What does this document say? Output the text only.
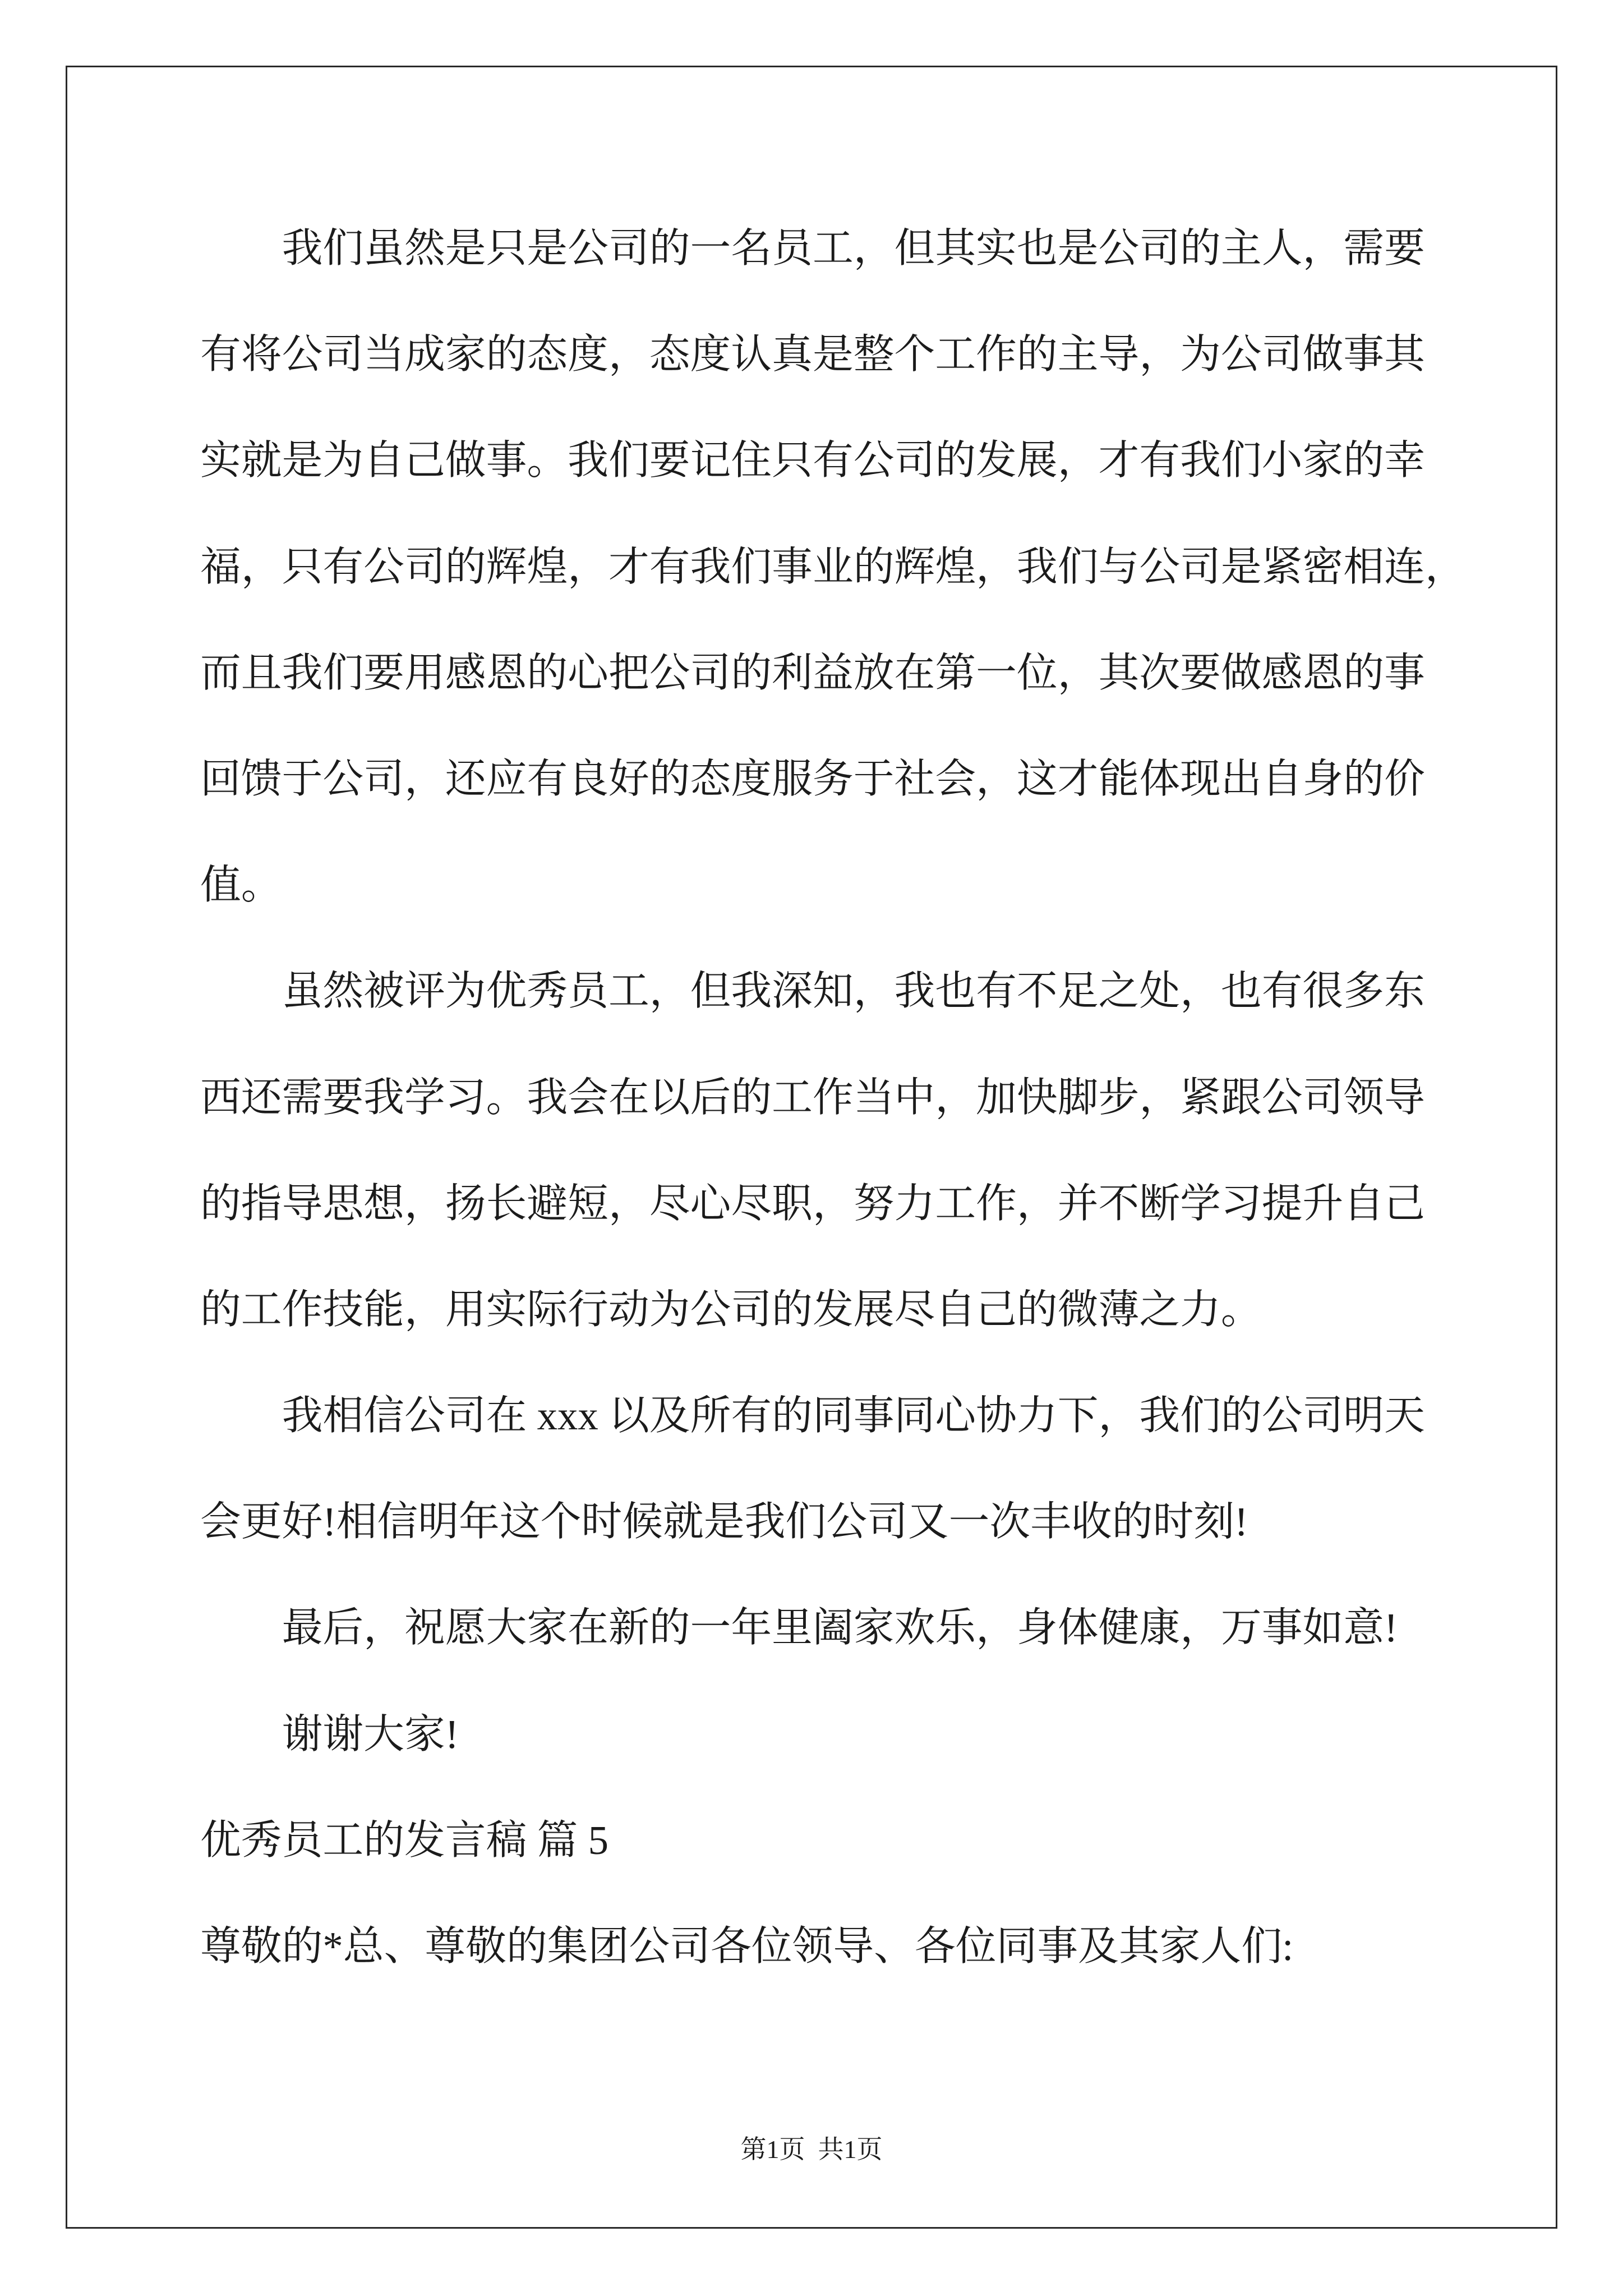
我们虽然是只是公司的一名员工，但其实也是公司的主人，需要
有将公司当成家的态度，态度认真是整个工作的主导，为公司做事其
实就是为自己做事。我们要记住只有公司的发展，才有我们小家的幸
福，只有公司的辉煌，才有我们事业的辉煌，我们与公司是紧密相连，
而且我们要用感恩的心把公司的利益放在第一位，其次要做感恩的事
回馈于公司，还应有良好的态度服务于社会，这才能体现出自身的价
值。
虽然被评为优秀员工，但我深知，我也有不足之处，也有很多东
西还需要我学习。我会在以后的工作当中，加快脚步，紧跟公司领导
的指导思想，扬长避短，尽心尽职，努力工作，并不断学习提升自己
的工作技能，用实际行动为公司的发展尽自己的微薄之力。
我相信公司在 xxx 以及所有的同事同心协力下，我们的公司明天
会更好!相信明年这个时候就是我们公司又一次丰收的时刻!
最后，祝愿大家在新的一年里阖家欢乐，身体健康，万事如意!
谢谢大家!
优秀员工的发言稿 篇 5
尊敬的*总、尊敬的集团公司各位领导、各位同事及其家人们:
第1页  共1页
